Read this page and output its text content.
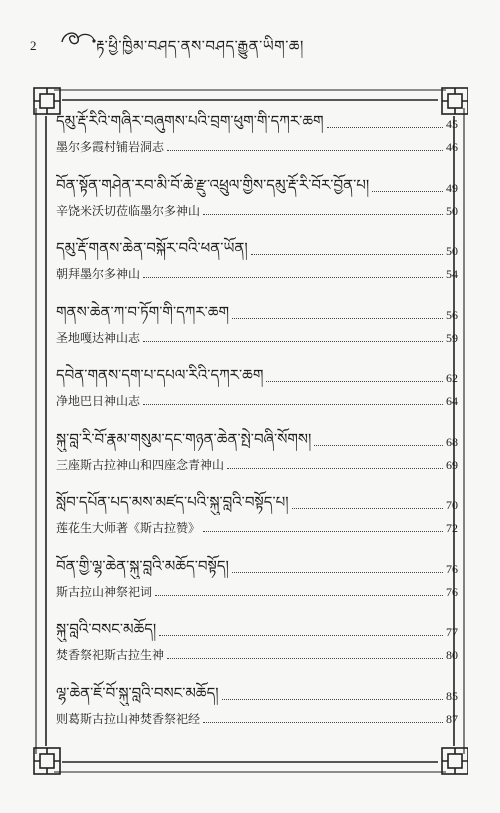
2	རྟ་ཕྱི་ཁྱིམ་བཤད་ནས་བཤད་རྒྱུན་ཡིག་ཆ།
དམུ་རྡོ་རིའི་གཞིར་བཞུགས་པའི་བྲག་ཕུག་གི་དཀར་ཆག	45
墨尔多霞村铺岩洞志	46
བོན་སྟོན་གཤེན་རབ་མི་བོ་ཆེ་རྫུ་འཕྲུལ་གྱིས་དམུ་རྡོ་རི་བོར་བྱོན་པ།	49
辛饶米沃切莅临墨尔多神山	50
དམུ་རྡོ་གནས་ཆེན་བསྐོར་བའི་ཕན་ཡོན།	50
朝拜墨尔多神山	54
གནས་ཆེན་ཀ་བ་ཏོག་གི་དཀར་ཆག	56
圣地嘎达神山志	59
དབེན་གནས་དག་པ་དཔལ་རིའི་དཀར་ཆག	62
净地巴日神山志	64
སྐུ་བླ་རི་བོ་རྣམ་གསུམ་དང་གཉན་ཆེན་སྤེ་བཞི་སོགས།	68
三座斯古拉神山和四座念青神山	69
སློབ་དཔོན་པད་མས་མཛད་པའི་སྐུ་བླའི་བསྟོད་པ།	70
莲花生大师著《斯古拉赞》	72
བོན་གྱི་ལྷ་ཆེན་སྐུ་བླའི་མཆོད་བསྟོད།	76
斯古拉山神祭祀词	76
སྐུ་བླའི་བསང་མཆོད།	77
焚香祭祀斯古拉生神	80
ལྷ་ཆེན་ཇོ་བོ་སྐུ་བླའི་བསང་མཆོད།	85
则葛斯古拉山神焚香祭祀经	87
